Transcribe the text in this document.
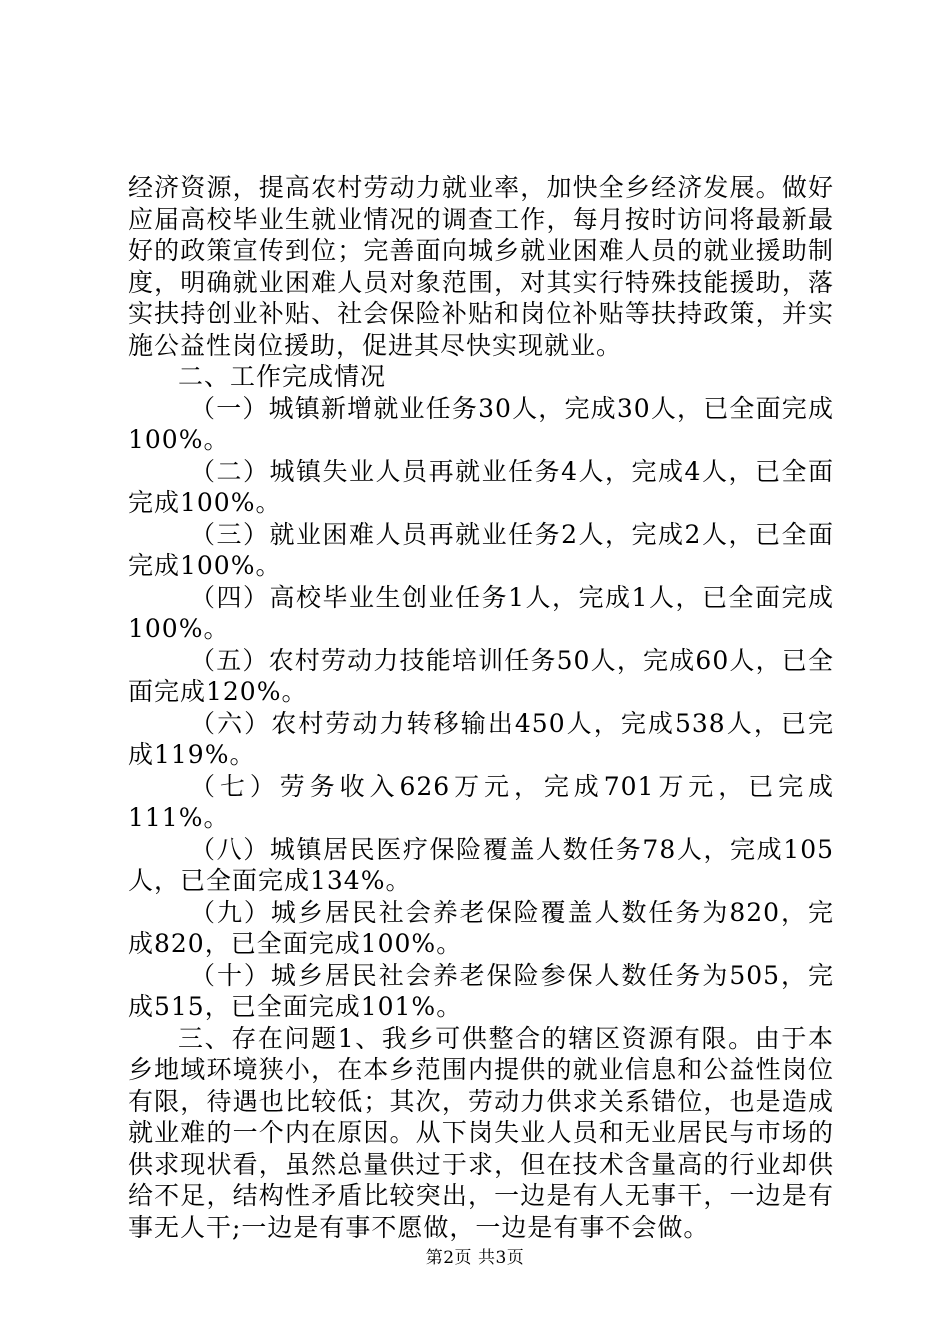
经济资源，提高农村劳动力就业率，加快全乡经济发展。做好应届高校毕业生就业情况的调查工作，每月按时访问将最新最好的政策宣传到位；完善面向城乡就业困难人员的就业援助制度，明确就业困难人员对象范围，对其实行特殊技能援助，落实扶持创业补贴、社会保险补贴和岗位补贴等扶持政策，并实施公益性岗位援助，促进其尽快实现就业。

二、工作完成情况

（一）城镇新增就业任务30人，完成30人，已全面完成100%。

（二）城镇失业人员再就业任务4人，完成4人，已全面完成100%。

（三）就业困难人员再就业任务2人，完成2人，已全面完成100%。

（四）高校毕业生创业任务1人，完成1人，已全面完成100%。

（五）农村劳动力技能培训任务50人，完成60人，已全面完成120%。

（六）农村劳动力转移输出450人，完成538人，已完成119%。

（七）劳务收入626万元，完成701万元，已完成111%。

（八）城镇居民医疗保险覆盖人数任务78人，完成105人，已全面完成134%。

（九）城乡居民社会养老保险覆盖人数任务为820，完成820，已全面完成100%。

（十）城乡居民社会养老保险参保人数任务为505，完成515，已全面完成101%。

三、存在问题1、我乡可供整合的辖区资源有限。由于本乡地域环境狭小，在本乡范围内提供的就业信息和公益性岗位有限，待遇也比较低；其次，劳动力供求关系错位，也是造成就业难的一个内在原因。从下岗失业人员和无业居民与市场的供求现状看，虽然总量供过于求，但在技术含量高的行业却供给不足，结构性矛盾比较突出，一边是有人无事干，一边是有事无人干;一边是有事不愿做，一边是有事不会做。

第2页 共3页
